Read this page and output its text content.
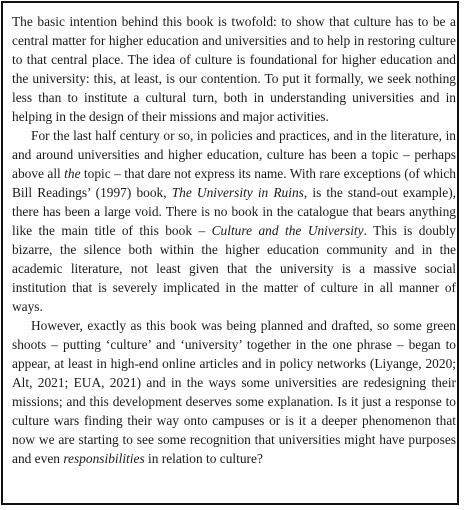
The basic intention behind this book is twofold: to show that culture has to be a central matter for higher education and universities and to help in restoring culture to that central place. The idea of culture is foundational for higher education and the university: this, at least, is our contention. To put it formally, we seek nothing less than to institute a cultural turn, both in understanding universities and in helping in the design of their missions and major activities.

For the last half century or so, in policies and practices, and in the literature, in and around universities and higher education, culture has been a topic – perhaps above all the topic – that dare not express its name. With rare exceptions (of which Bill Readings’ (1997) book, The University in Ruins, is the stand-out example), there has been a large void. There is no book in the catalogue that bears anything like the main title of this book – Culture and the University. This is doubly bizarre, the silence both within the higher education community and in the academic literature, not least given that the university is a massive social institution that is severely implicated in the matter of culture in all manner of ways.

However, exactly as this book was being planned and drafted, so some green shoots – putting ‘culture’ and ‘university’ together in the one phrase – began to appear, at least in high-end online articles and in policy networks (Liyange, 2020; Alt, 2021; EUA, 2021) and in the ways some universities are redesigning their missions; and this development deserves some explanation. Is it just a response to culture wars finding their way onto campuses or is it a deeper phenomenon that now we are starting to see some recognition that universities might have purposes and even responsibilities in relation to culture?
